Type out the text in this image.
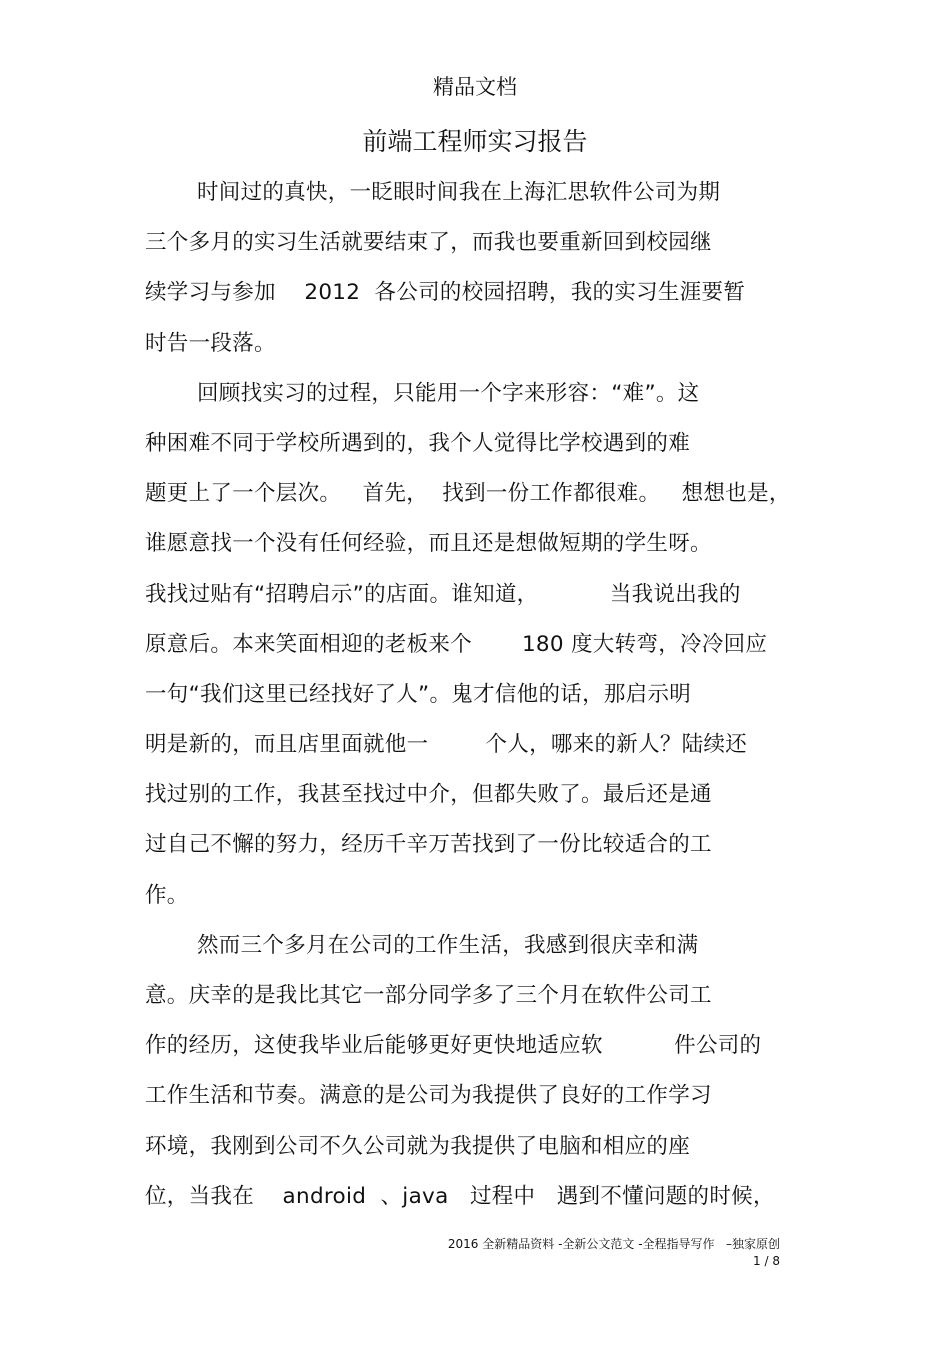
精品文档
前端工程师实习报告
时间过的真快，一眨眼时间我在上海汇思软件公司为期
三个多月的实习生活就要结束了，而我也要重新回到校园继
续学习与参加    2012  各公司的校园招聘，我的实习生涯要暂
时告一段落。
回顾找实习的过程，只能用一个字来形容：“难”。这
种困难不同于学校所遇到的，我个人觉得比学校遇到的难
题更上了一个层次。   首先，  找到一份工作都很难。   想想也是，
谁愿意找一个没有任何经验，而且还是想做短期的学生呀。
我找过贴有“招聘启示”的店面。谁知道，          当我说出我的
原意后。本来笑面相迎的老板来个       180 度大转弯，冷冷回应
一句“我们这里已经找好了人”。鬼才信他的话，那启示明
明是新的，而且店里面就他一        个人，哪来的新人？陆续还
找过别的工作，我甚至找过中介，但都失败了。最后还是通
过自己不懈的努力，经历千辛万苦找到了一份比较适合的工
作。
然而三个多月在公司的工作生活，我感到很庆幸和满
意。庆幸的是我比其它一部分同学多了三个月在软件公司工
作的经历，这使我毕业后能够更好更快地适应软          件公司的
工作生活和节奏。满意的是公司为我提供了良好的工作学习
环境，我刚到公司不久公司就为我提供了电脑和相应的座
位，当我在    android  、java   过程中   遇到不懂问题的时候，
2016 全新精品资料 -全新公文范文 -全程指导写作   –独家原创
1 / 8
